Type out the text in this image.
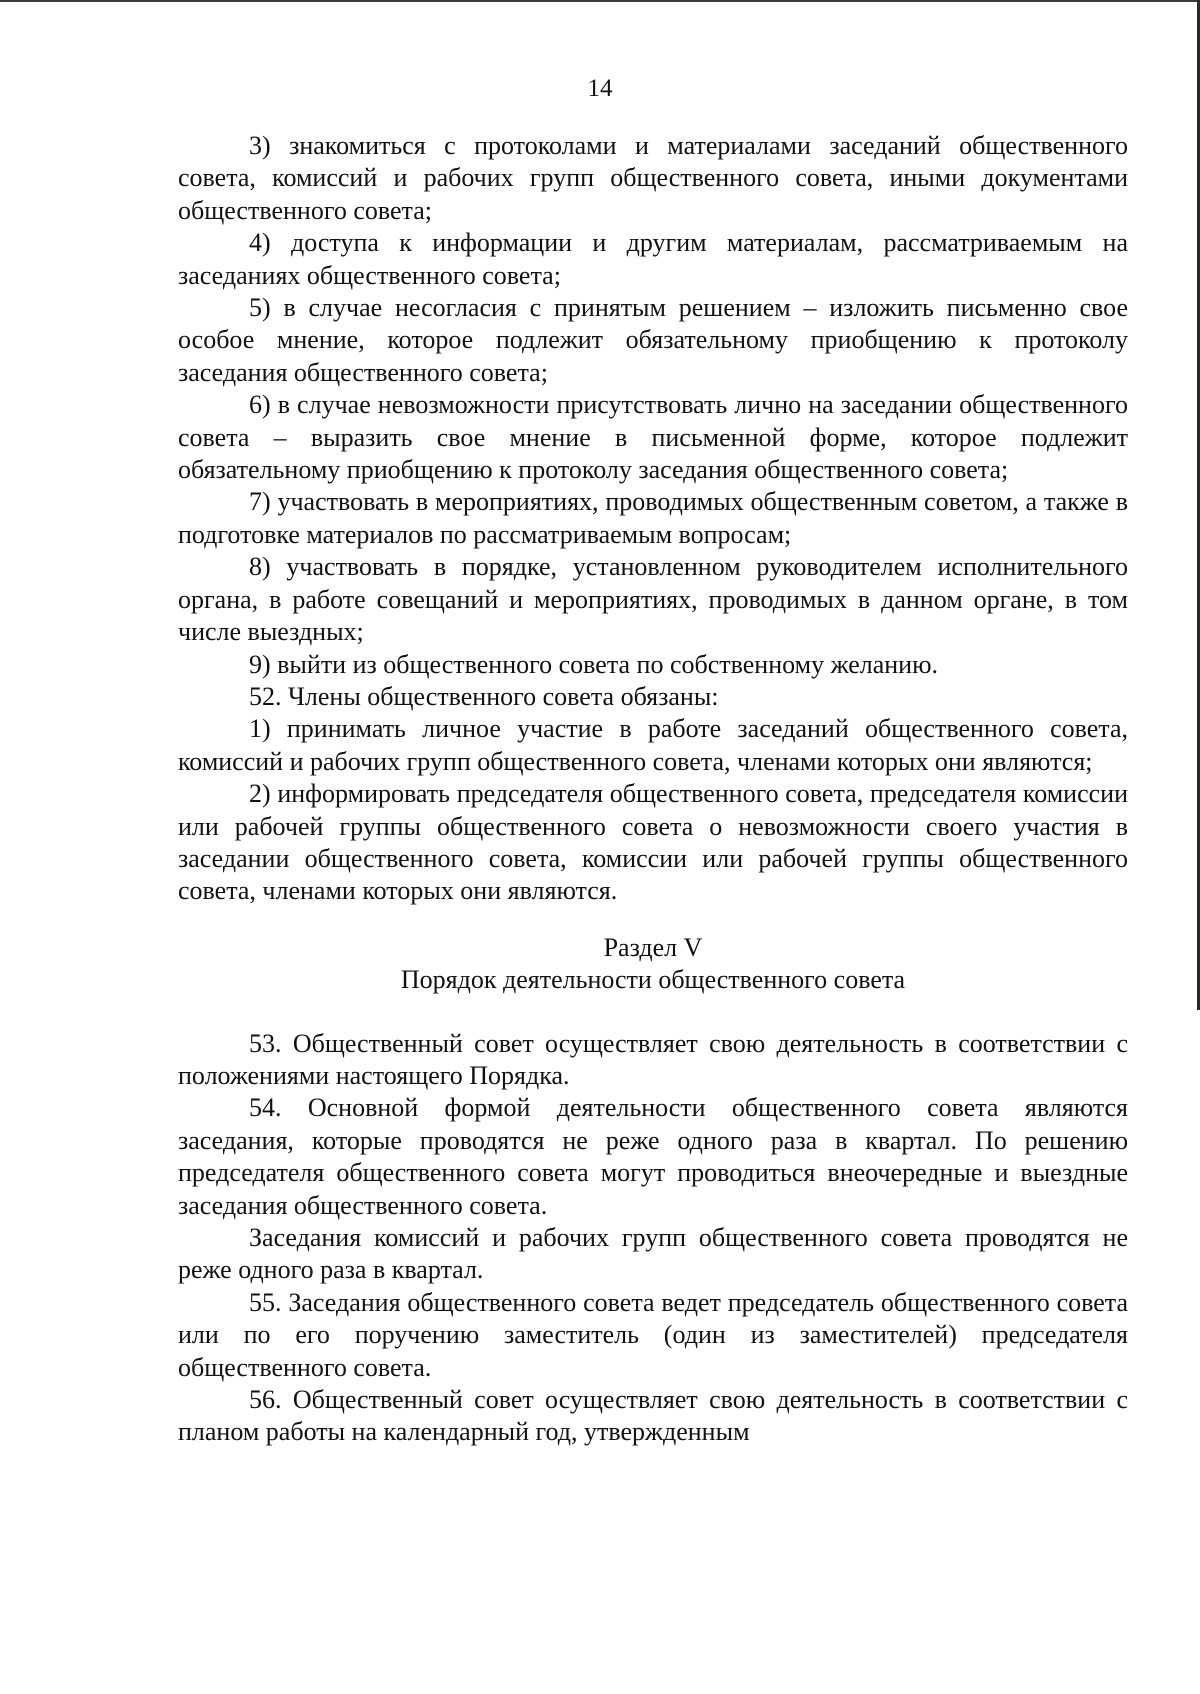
14

3) знакомиться с протоколами и материалами заседаний общественного совета, комиссий и рабочих групп общественного совета, иными документами общественного совета;

4) доступа к информации и другим материалам, рассматриваемым на заседаниях общественного совета;

5) в случае несогласия с принятым решением – изложить письменно свое особое мнение, которое подлежит обязательному приобщению к протоколу заседания общественного совета;

6) в случае невозможности присутствовать лично на заседании общественного совета – выразить свое мнение в письменной форме, которое подлежит обязательному приобщению к протоколу заседания общественного совета;

7) участвовать в мероприятиях, проводимых общественным советом, а также в подготовке материалов по рассматриваемым вопросам;

8) участвовать в порядке, установленном руководителем исполнительного органа, в работе совещаний и мероприятиях, проводимых в данном органе, в том числе выездных;

9) выйти из общественного совета по собственному желанию.

52. Члены общественного совета обязаны:

1) принимать личное участие в работе заседаний общественного совета, комиссий и рабочих групп общественного совета, членами которых они являются;

2) информировать председателя общественного совета, председателя комиссии или рабочей группы общественного совета о невозможности своего участия в заседании общественного совета, комиссии или рабочей группы общественного совета, членами которых они являются.

Раздел V

Порядок деятельности общественного совета

53. Общественный совет осуществляет свою деятельность в соответствии с положениями настоящего Порядка.

54. Основной формой деятельности общественного совета являются заседания, которые проводятся не реже одного раза в квартал. По решению председателя общественного совета могут проводиться внеочередные и выездные заседания общественного совета.

Заседания комиссий и рабочих групп общественного совета проводятся не реже одного раза в квартал.

55. Заседания общественного совета ведет председатель общественного совета или по его поручению заместитель (один из заместителей) председателя общественного совета.

56. Общественный совет осуществляет свою деятельность в соответствии с планом работы на календарный год, утвержденным
